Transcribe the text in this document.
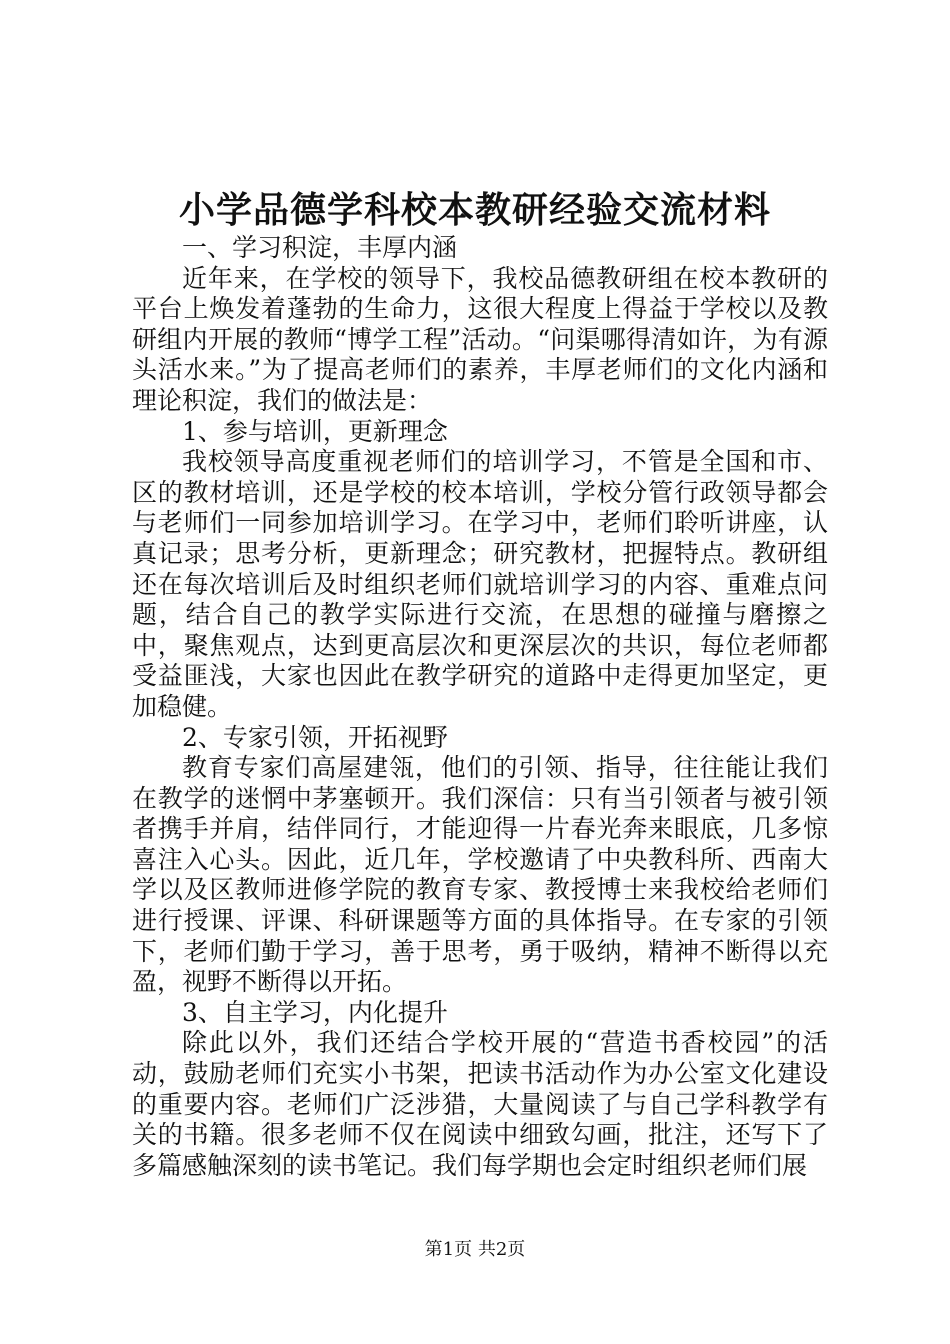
小学品德学科校本教研经验交流材料

一、学习积淀，丰厚内涵

近年来，在学校的领导下，我校品德教研组在校本教研的平台上焕发着蓬勃的生命力，这很大程度上得益于学校以及教研组内开展的教师“博学工程”活动。“问渠哪得清如许，为有源头活水来。”为了提高老师们的素养，丰厚老师们的文化内涵和理论积淀，我们的做法是：

1、参与培训，更新理念

我校领导高度重视老师们的培训学习，不管是全国和市、区的教材培训，还是学校的校本培训，学校分管行政领导都会与老师们一同参加培训学习。在学习中，老师们聆听讲座，认真记录；思考分析，更新理念；研究教材，把握特点。教研组还在每次培训后及时组织老师们就培训学习的内容、重难点问题，结合自己的教学实际进行交流，在思想的碰撞与磨擦之中，聚焦观点，达到更高层次和更深层次的共识，每位老师都受益匪浅，大家也因此在教学研究的道路中走得更加坚定，更加稳健。

2、专家引领，开拓视野

教育专家们高屋建瓴，他们的引领、指导，往往能让我们在教学的迷惘中茅塞顿开。我们深信：只有当引领者与被引领者携手并肩，结伴同行，才能迎得一片春光奔来眼底，几多惊喜注入心头。因此，近几年，学校邀请了中央教科所、西南大学以及区教师进修学院的教育专家、教授博士来我校给老师们进行授课、评课、科研课题等方面的具体指导。在专家的引领下，老师们勤于学习，善于思考，勇于吸纳，精神不断得以充盈，视野不断得以开拓。

3、自主学习，内化提升

除此以外，我们还结合学校开展的“营造书香校园”的活动，鼓励老师们充实小书架，把读书活动作为办公室文化建设的重要内容。老师们广泛涉猎，大量阅读了与自己学科教学有关的书籍。很多老师不仅在阅读中细致勾画，批注，还写下了多篇感触深刻的读书笔记。我们每学期也会定时组织老师们展

第1页 共2页
